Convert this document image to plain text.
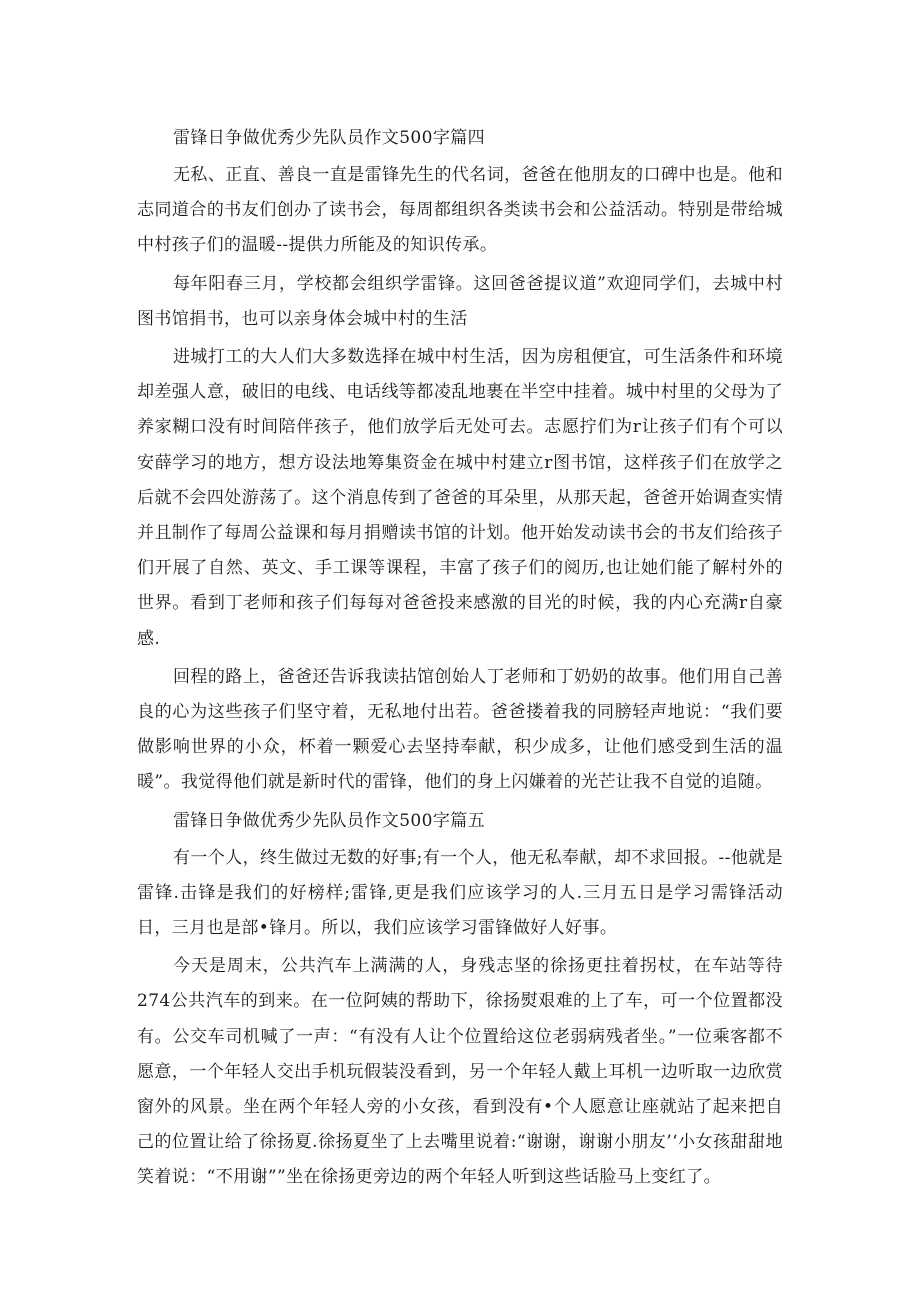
雷锋日争做优秀少先队员作文500字篇四

无私、正直、善良一直是雷锋先生的代名词，爸爸在他朋友的口碑中也是。他和志同道合的书友们创办了读书会，每周都组织各类读书会和公益活动。特别是带给城中村孩子们的温暖--提供力所能及的知识传承。

每年阳春三月，学校都会组织学雷锋。这回爸爸提议道”欢迎同学们，去城中村图书馆捐书，也可以亲身体会城中村的生活

进城打工的大人们大多数选择在城中村生活，因为房租便宜，可生活条件和环境却差强人意，破旧的电线、电话线等都凌乱地裹在半空中挂着。城中村里的父母为了养家糊口没有时间陪伴孩子，他们放学后无处可去。志愿拧们为r让孩子们有个可以安薛学习的地方，想方设法地筹集资金在城中村建立r图书馆，这样孩子们在放学之后就不会四处游荡了。这个消息传到了爸爸的耳朵里，从那天起，爸爸开始调查实情并且制作了每周公益课和每月捐赠读书馆的计划。他开始发动读书会的书友们给孩子们开展了自然、英文、手工课等课程，丰富了孩子们的阅历,也让她们能了解村外的世界。看到丁老师和孩子们每每对爸爸投来感激的目光的时候，我的内心充满r自豪感.

回程的路上，爸爸还告诉我读拈馆创始人丁老师和丁奶奶的故事。他们用自己善良的心为这些孩子们坚守着，无私地付出若。爸爸搂着我的同膀轻声地说：“我们要做影响世界的小众，杯着一颗爱心去坚持奉献，积少成多，让他们感受到生活的温暖”。我觉得他们就是新时代的雷锋，他们的身上闪嫌着的光芒让我不自觉的追随。

雷锋日争做优秀少先队员作文500字篇五

有一个人，终生做过无数的好事;有一个人，他无私奉献，却不求回报。--他就是雷锋.击锋是我们的好榜样;雷锋,更是我们应该学习的人.三月五日是学习需锋活动日，三月也是部•锋月。所以，我们应该学习雷锋做好人好事。

今天是周末，公共汽车上满满的人，身残志坚的徐扬更拄着拐杖，在车站等待274公共汽车的到来。在一位阿姨的帮助下，徐扬熨艰难的上了车，可一个位置都没有。公交车司机喊了一声：“有没有人让个位置给这位老弱病残者坐。”一位乘客都不愿意，一个年轻人交出手机玩假装没看到，另一个年轻人戴上耳机一边听取一边欣赏窗外的风景。坐在两个年轻人旁的小女孩，看到没有•个人愿意让座就站了起来把自己的位置让给了徐扬夏.徐扬夏坐了上去嘴里说着:“谢谢，谢谢小朋友’‘小女孩甜甜地笑着说：“不用谢””坐在徐扬更旁边的两个年轻人听到这些话脸马上变红了。
